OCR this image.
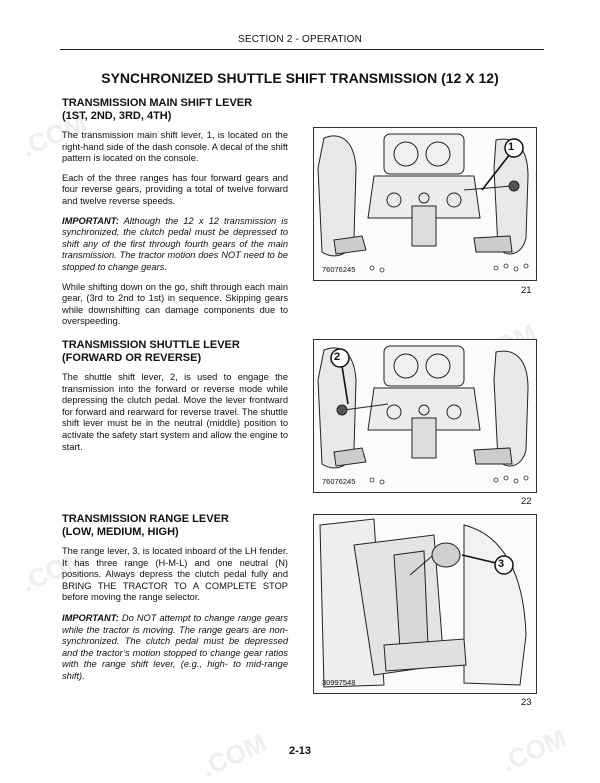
.COM
.COM
.COM	.COM
SECTION 2 - OPERATION
SYNCHRONIZED SHUTTLE SHIFT TRANSMISSION (12 X 12)
TRANSMISSION MAIN SHIFT LEVER
(1ST, 2ND, 3RD, 4TH)

The transmission main shift lever, 1, is located on the right-hand side of the dash console. A decal of the shift pattern is located on the console.

Each of the three ranges has four forward gears and four reverse gears, providing a total of twelve forward and twelve reverse speeds.

IMPORTANT: Although the 12 x 12 transmission is synchronized, the clutch pedal must be depressed to shift any of the first through fourth gears of the main transmission. The tractor motion does NOT need to be stopped to change gears.

While shifting down on the go, shift through each main gear, (3rd to 2nd to 1st) in sequence. Skipping gears while downshifting can damage components due to overspeeding.

TRANSMISSION SHUTTLE LEVER
(FORWARD OR REVERSE)

The shuttle shift lever, 2, is used to engage the transmission into the forward or reverse mode while depressing the clutch pedal. Move the lever frontward for forward and rearward for reverse travel. The shuttle shift lever must be in the neutral (middle) position to activate the safety start system and allow the engine to start.

TRANSMISSION RANGE LEVER
(LOW, MEDIUM, HIGH)

The range lever, 3, is located inboard of the LH fender. It has three range (H-M-L) and one neutral (N) positions. Always depress the clutch pedal fully and BRING THE TRACTOR TO A COMPLETE STOP before moving the range selector.

IMPORTANT: Do NOT attempt to change range gears while the tractor is moving. The range gears are non-synchronized. The clutch pedal must be depressed and the tractor’s motion stopped to change gear ratios with the range shift lever, (e.g., high- to mid-range shift).

1
76076245
21
2
76076245
22
3
30997548
23
2-13
